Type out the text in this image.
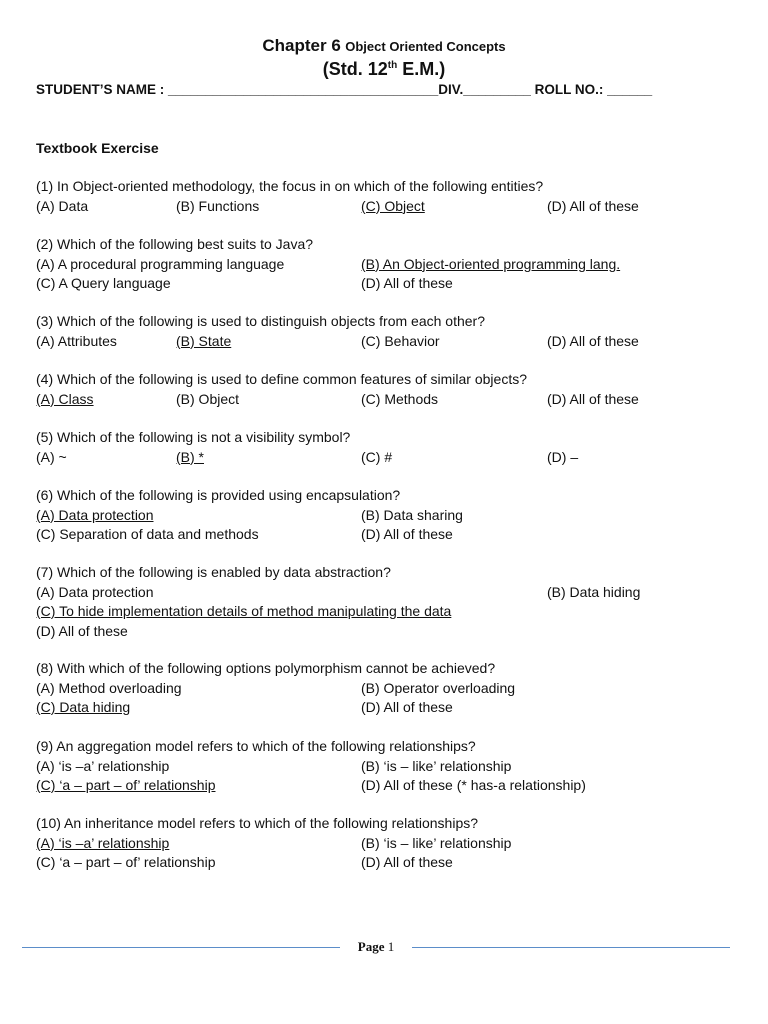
Chapter 6 Object Oriented Concepts
(Std. 12th E.M.)
STUDENT’S NAME : ____________________________________DIV._________ ROLL NO.: ______
Textbook Exercise
(1) In Object-oriented methodology, the focus in on which of the following entities?
(A) Data	(B) Functions	(C) Object	(D) All of these
(2) Which of the following best suits to Java?
(A) A procedural programming language	(B) An Object-oriented programming lang.
(C) A Query language	(D) All of these
(3) Which of the following is used to distinguish objects from each other?
(A) Attributes	(B) State	(C) Behavior	(D) All of these
(4) Which of the following is used to define common features of similar objects?
(A) Class	(B) Object	(C) Methods	(D) All of these
(5) Which of the following is not a visibility symbol?
(A) ~	(B) *	(C) #	(D) –
(6) Which of the following is provided using encapsulation?
(A) Data protection	(B) Data sharing
(C) Separation of data and methods	(D) All of these
(7) Which of the following is enabled by data abstraction?
(A) Data protection	(B) Data hiding
(C) To hide implementation details of method manipulating the data
(D) All of these
(8) With which of the following options polymorphism cannot be achieved?
(A) Method overloading	(B) Operator overloading
(C) Data hiding	(D) All of these
(9) An aggregation model refers to which of the following relationships?
(A) ‘is –a’ relationship	(B) ‘is – like’ relationship
(C) ‘a – part – of’ relationship	(D) All of these (* has-a relationship)
(10) An inheritance model refers to which of the following relationships?
(A) ‘is –a’ relationship	(B) ‘is – like’ relationship
(C) ‘a – part – of’ relationship	(D) All of these
Page 1
